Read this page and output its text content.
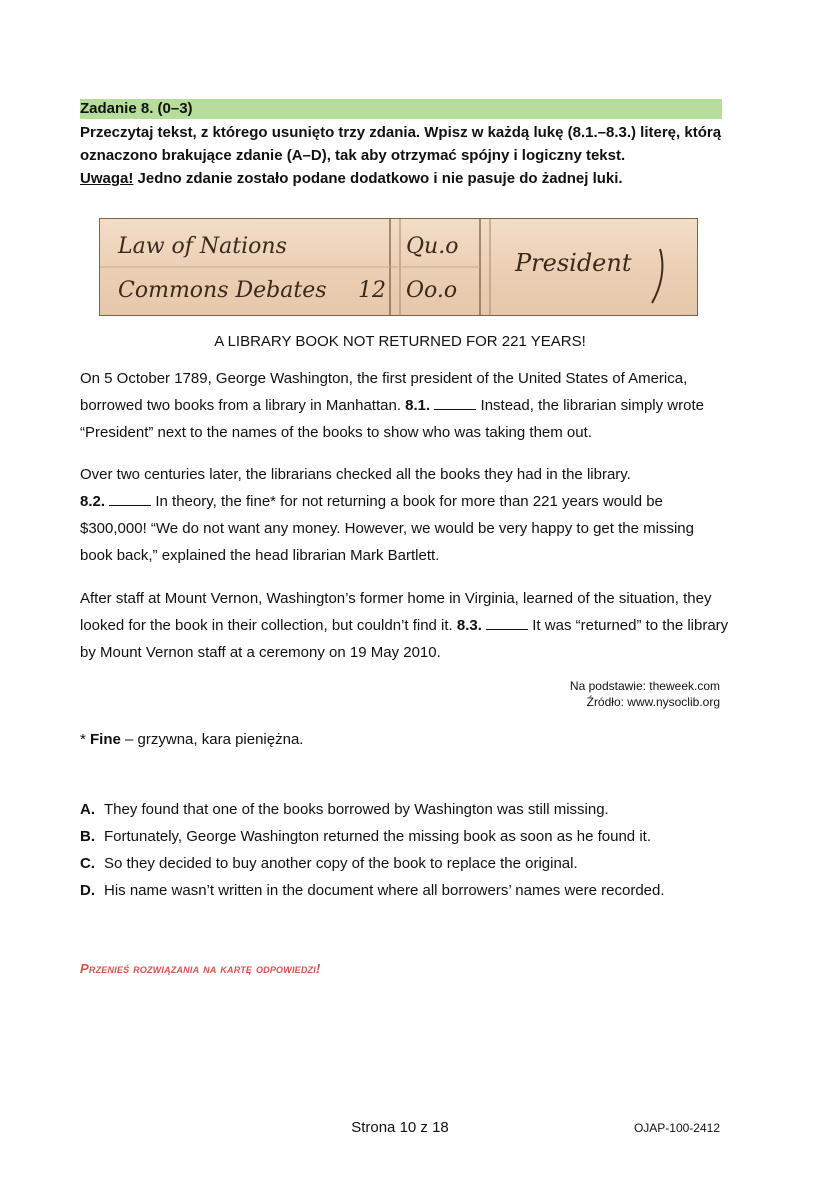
Zadanie 8. (0–3)
Przeczytaj tekst, z którego usunięto trzy zdania. Wpisz w każdą lukę (8.1.–8.3.) literę, którą oznaczono brakujące zdanie (A–D), tak aby otrzymać spójny i logiczny tekst.
Uwaga! Jedno zdanie zostało podane dodatkowo i nie pasuje do żadnej luki.
Law of Nations	Qu.o
Commons Debates 12 Oo.o
President
A LIBRARY BOOK NOT RETURNED FOR 221 YEARS!
On 5 October 1789, George Washington, the first president of the United States of America, borrowed two books from a library in Manhattan. 8.1.	Instead, the librarian simply wrote “President” next to the names of the books to show who was taking them out.
Over two centuries later, the librarians checked all the books they had in the library.
8.2.	In theory, the fine* for not returning a book for more than 221 years would be $300,000! “We do not want any money. However, we would be very happy to get the missing book back,” explained the head librarian Mark Bartlett.
After staff at Mount Vernon, Washington’s former home in Virginia, learned of the situation, they looked for the book in their collection, but couldn’t find it. 8.3.	It was “returned” to the library by Mount Vernon staff at a ceremony on 19 May 2010.
Na podstawie: theweek.com
Źródło: www.nysoclib.org
* Fine – grzywna, kara pieniężna.
A. They found that one of the books borrowed by Washington was still missing.
B. Fortunately, George Washington returned the missing book as soon as he found it.
C. So they decided to buy another copy of the book to replace the original.
D. His name wasn’t written in the document where all borrowers’ names were recorded.
Przenieś rozwiązania na kartę odpowiedzi!
Strona 10 z 18	OJAP-100-2412
